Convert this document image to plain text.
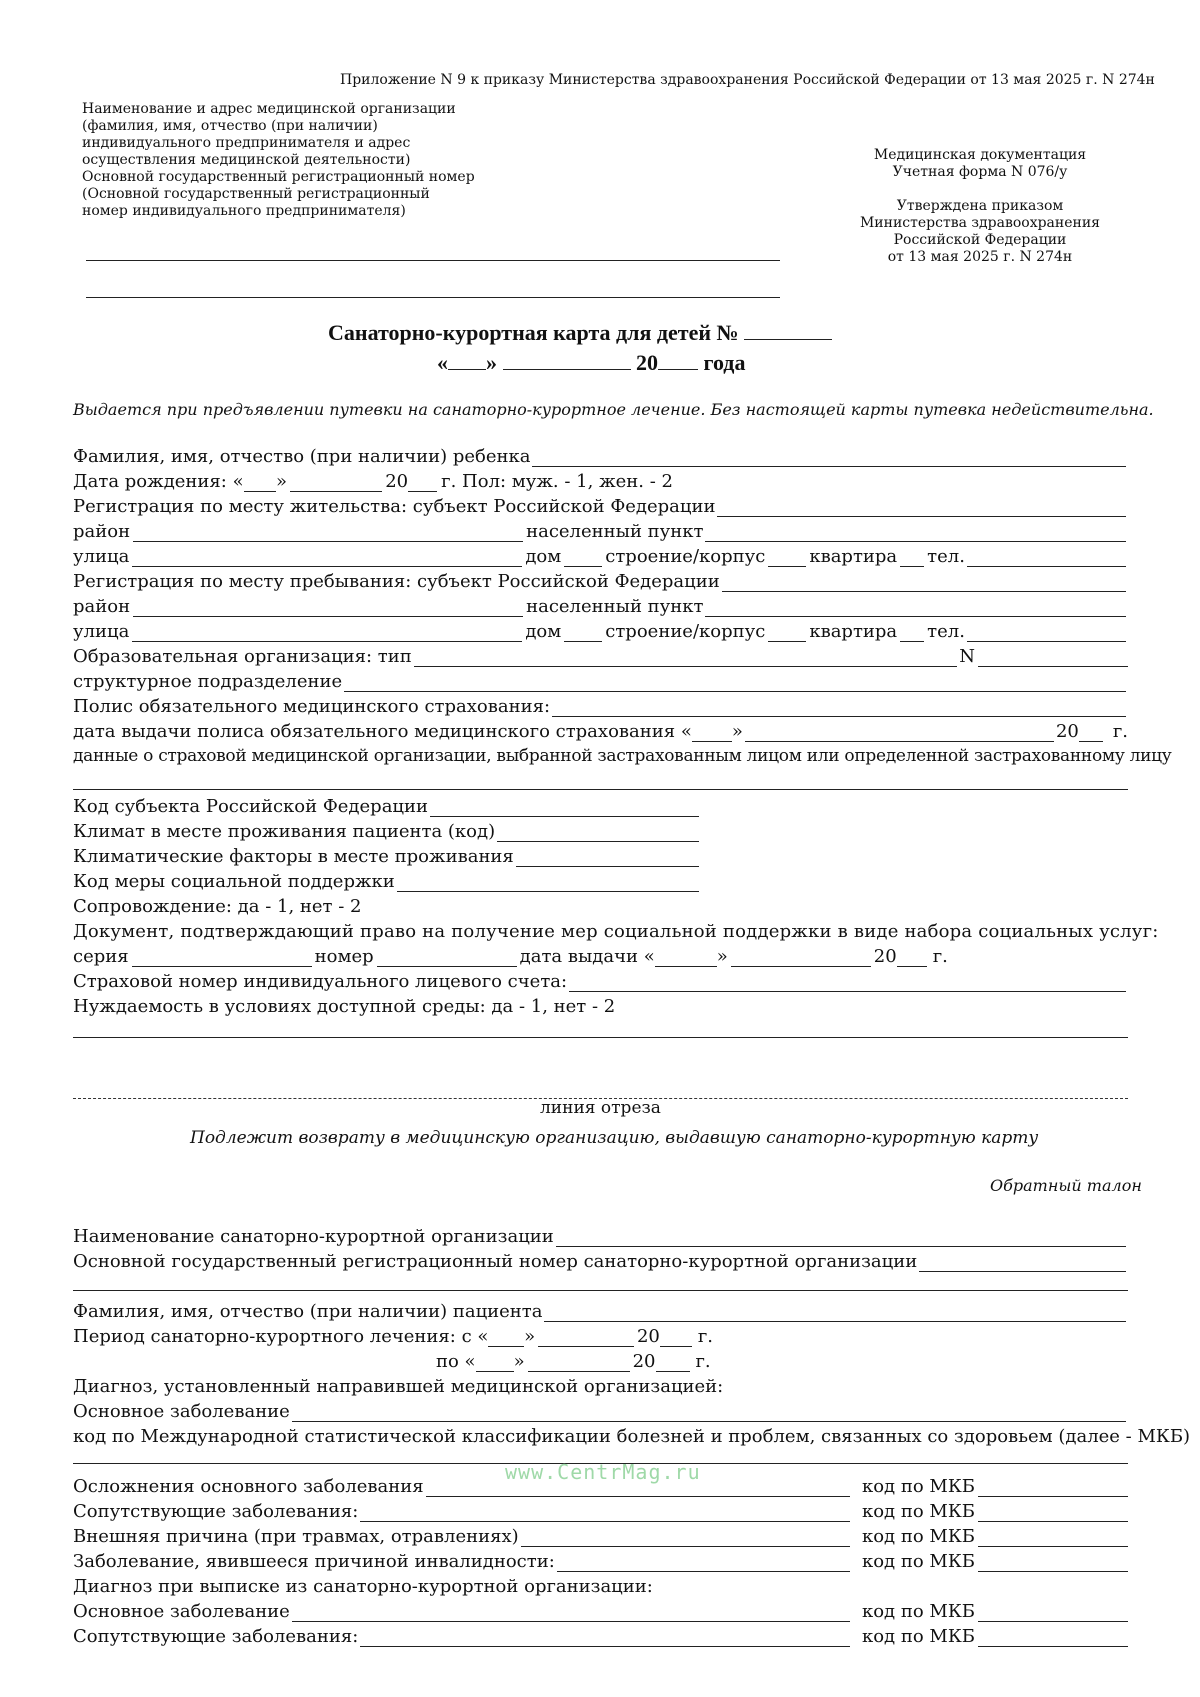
Приложение N 9 к приказу Министерства здравоохранения Российской Федерации от 13 мая 2025 г. N 274н
Наименование и адрес медицинской организации
(фамилия, имя, отчество (при наличии)
индивидуального предпринимателя и адрес
осуществления медицинской деятельности)
Основной государственный регистрационный номер
(Основной государственный регистрационный
номер индивидуального предпринимателя)
Медицинская документация
Учетная форма N 076/у
Утверждена приказом
Министерства здравоохранения
Российской Федерации
от 13 мая 2025 г. N 274н
Санаторно-курортная карта для детей №
« »	20 года
Выдается при предъявлении путевки на санаторно-курортное лечение. Без настоящей карты путевка недействительна.
Фамилия, имя, отчество (при наличии) ребенка
Дата рождения: « »	20 г. Пол: муж. - 1, жен. - 2
Регистрация по месту жительства: субъект Российской Федерации
район	населенный пункт
улица	дом строение/корпус квартира тел.
Регистрация по месту пребывания: субъект Российской Федерации
район	населенный пункт
улица	дом строение/корпус квартира тел.
Образовательная организация: тип	N
структурное подразделение
Полис обязательного медицинского страхования:
дата выдачи полиса обязательного медицинского страхования « »	20 г.
данные о страховой медицинской организации, выбранной застрахованным лицом или определенной застрахованному лицу
Код субъекта Российской Федерации
Климат в месте проживания пациента (код)
Климатические факторы в месте проживания
Код меры социальной поддержки
Сопровождение: да - 1, нет - 2
Документ, подтверждающий право на получение мер социальной поддержки в виде набора социальных услуг:
серия	номер	дата выдачи «	»	20 г.
Страховой номер индивидуального лицевого счета:
Нуждаемость в условиях доступной среды: да - 1, нет - 2
линия отреза
Подлежит возврату в медицинскую организацию, выдавшую санаторно-курортную карту
Обратный талон
Наименование санаторно-курортной организации
Основной государственный регистрационный номер санаторно-курортной организации
Фамилия, имя, отчество (при наличии) пациента
Период санаторно-курортного лечения: с « »	20 г.
по « »	20 г.
Диагноз, установленный направившей медицинской организацией:
Основное заболевание
код по Международной статистической классификации болезней и проблем, связанных со здоровьем (далее - МКБ)
Осложнения основного заболевания	код по МКБ
Сопутствующие заболевания:	код по МКБ
Внешняя причина (при травмах, отравлениях)	код по МКБ
Заболевание, явившееся причиной инвалидности:	код по МКБ
Диагноз при выписке из санаторно-курортной организации:
Основное заболевание	код по МКБ
Сопутствующие заболевания:	код по МКБ
www.CentrMag.ru
